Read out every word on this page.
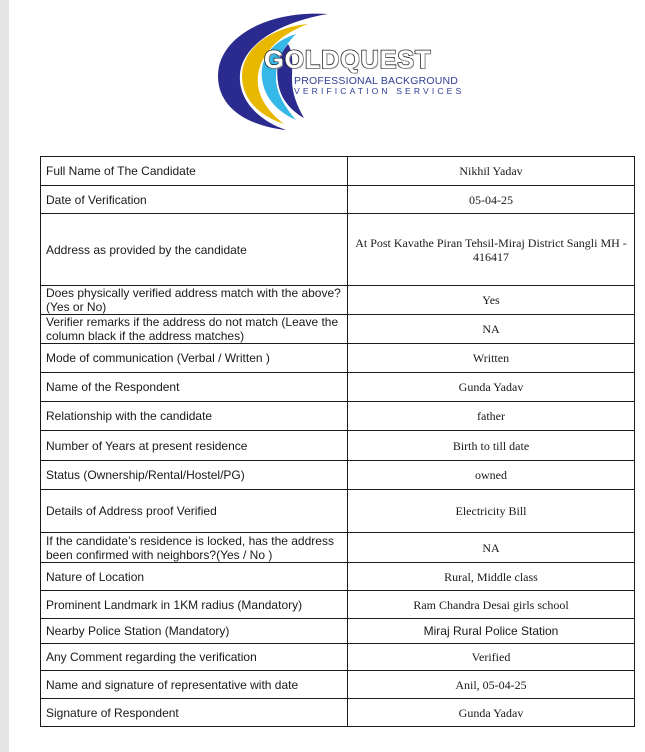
GOLDQUEST
PROFESSIONAL BACKGROUND
VERIFICATION SERVICES
Full Name of The Candidate	Nikhil Yadav
Date of Verification	05-04-25
Address as provided by the candidate	At Post Kavathe Piran Tehsil-Miraj District Sangli MH - 416417
Does physically verified address match with the above? (Yes or No)	Yes
Verifier remarks if the address do not match (Leave the column black if the address matches)	NA
Mode of communication (Verbal / Written )	Written
Name of the Respondent	Gunda Yadav
Relationship with the candidate	father
Number of Years at present residence	Birth to till date
Status (Ownership/Rental/Hostel/PG)	owned
Details of Address proof Verified	Electricity Bill
If the candidate’s residence is locked, has the address been confirmed with neighbors?(Yes / No )	NA
Nature of Location	Rural, Middle class
Prominent Landmark in 1KM radius (Mandatory)	Ram Chandra Desai girls school
Nearby Police Station (Mandatory)	Miraj Rural Police Station
Any Comment regarding the verification	Verified
Name and signature of representative with date	Anil, 05-04-25
Signature of Respondent	Gunda Yadav
